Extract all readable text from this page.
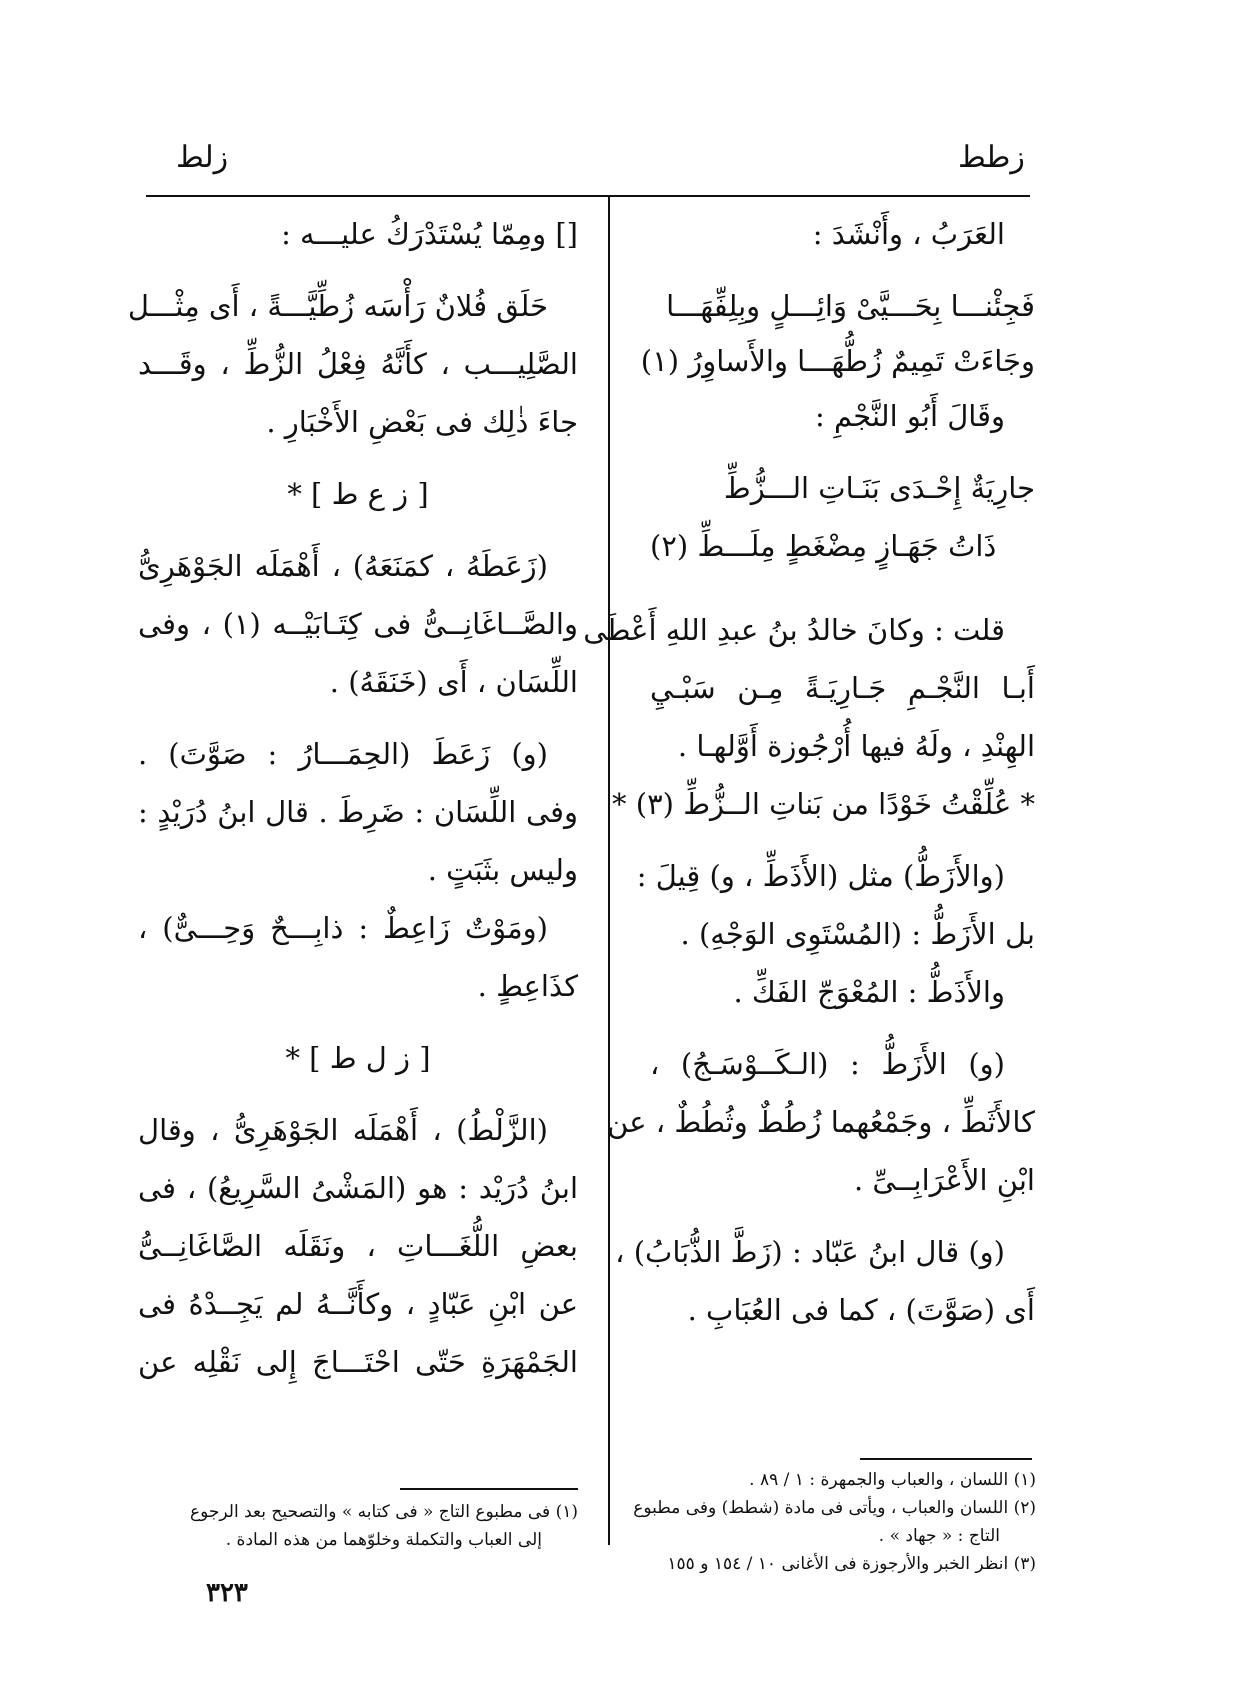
زلط	زطط
العَرَبُ ، وأَنْشَدَ :
فَجِئْنـــا بِحَـــيَّىْ وَائِـــلٍ وبِلِفِّهَـــا
وجَاءَتْ تَمِيمٌ زُطُّهَـــا والأَساوِرُ (١)
وقَالَ أَبُو النَّجْمِ :
جارِيَةٌ إِحْـدَى بَنَـاتِ الـــزُّطِّ
ذَاتُ جَهَـازٍ مِضْغَطٍ مِلَـــطِّ (٢)
قلت : وكانَ خالدُ بنُ عبدِ اللهِ أَعْطَى
أَبـا النَّجْـمِ جَـارِيَـةً مِـن سَبْـيِ
الهِنْدِ ، ولَهُ فيها أُرْجُوزة أَوَّلهـا .
* عُلِّقْتُ خَوْدًا من بَناتِ الــزُّطِّ (٣) *
(والأَزَطُّ) مثل (الأَذَطِّ ، و) قِيلَ :
بل الأَزَطُّ : (المُسْتَوِى الوَجْهِ) .
والأَذَطُّ : المُعْوَجّ الفَكِّ .
(و) الأَزَطُّ : (الـكَــوْسَـجُ) ،
كالأَثَطِّ ، وجَمْعُهما زُطُطٌ وثُطُطٌ ، عن
ابْنِ الأَعْرَابِــىِّ .
(و) قال ابنُ عَبّاد : (زَطَّ الذُّبَابُ) ،
أَى (صَوَّتَ) ، كما فى العُبَابِ .
[] ومِمّا يُسْتَدْرَكُ عليـــه :
حَلَق فُلانٌ رَأْسَه زُطِّيَّـــةً ، أَى مِثْـــل
الصَّلِيـــب ، كأَنَّهُ فِعْلُ الزُّطِّ ، وقَـــد
جاءَ ذٰلِك فى بَعْضِ الأَخْبَارِ .
[ ز ع ط ] *
(زَعَطَهُ ، كمَنَعَهُ) ، أَهْمَلَه الجَوْهَرِىُّ
والصَّــاغَانِــىُّ فى كِتَـابَيْــه (١) ، وفى
اللِّسَان ، أَى (خَنَقَهُ) .
(و) زَعَطَ (الحِمَـــارُ : صَوَّتَ) .
وفى اللِّسَان : ضَرِطَ . قال ابنُ دُرَيْدٍ :
وليس بثَبَتٍ .
(ومَوْتٌ زَاعِطٌ : ذابِـــحٌ وَحِـــىٌّ) ،
كذَاعِطٍ .
[ ز ل ط ] *
(الزَّلْطُ) ، أَهْمَلَه الجَوْهَرِىُّ ، وقال
ابنُ دُرَيْد : هو (المَشْىُ السَّرِيعُ) ، فى
بعضِ اللُّغَـــاتِ ، ونَقَلَه الصَّاغَانِــىُّ
عن ابْنِ عَبّادٍ ، وكأَنَّــهُ لم يَجِــدْهُ فى
الجَمْهَرَةِ حَتّى احْتَـــاجَ إِلى نَقْلِه عن
(١) اللسان ، والعباب والجمهرة : ١ / ٨٩ .
(٢) اللسان والعباب ، ويأتى فى مادة (شطط) وفى مطبوع
التاج : « جهاد » .
(٣) انظر الخبر والأرجوزة فى الأغانى ١٠ / ١٥٤ و ١٥٥
(١) فى مطبوع التاج « فى كتابه » والتصحيح بعد الرجوع
إلى العباب والتكملة وخلوّهما من هذه المادة .
٣٢٣
